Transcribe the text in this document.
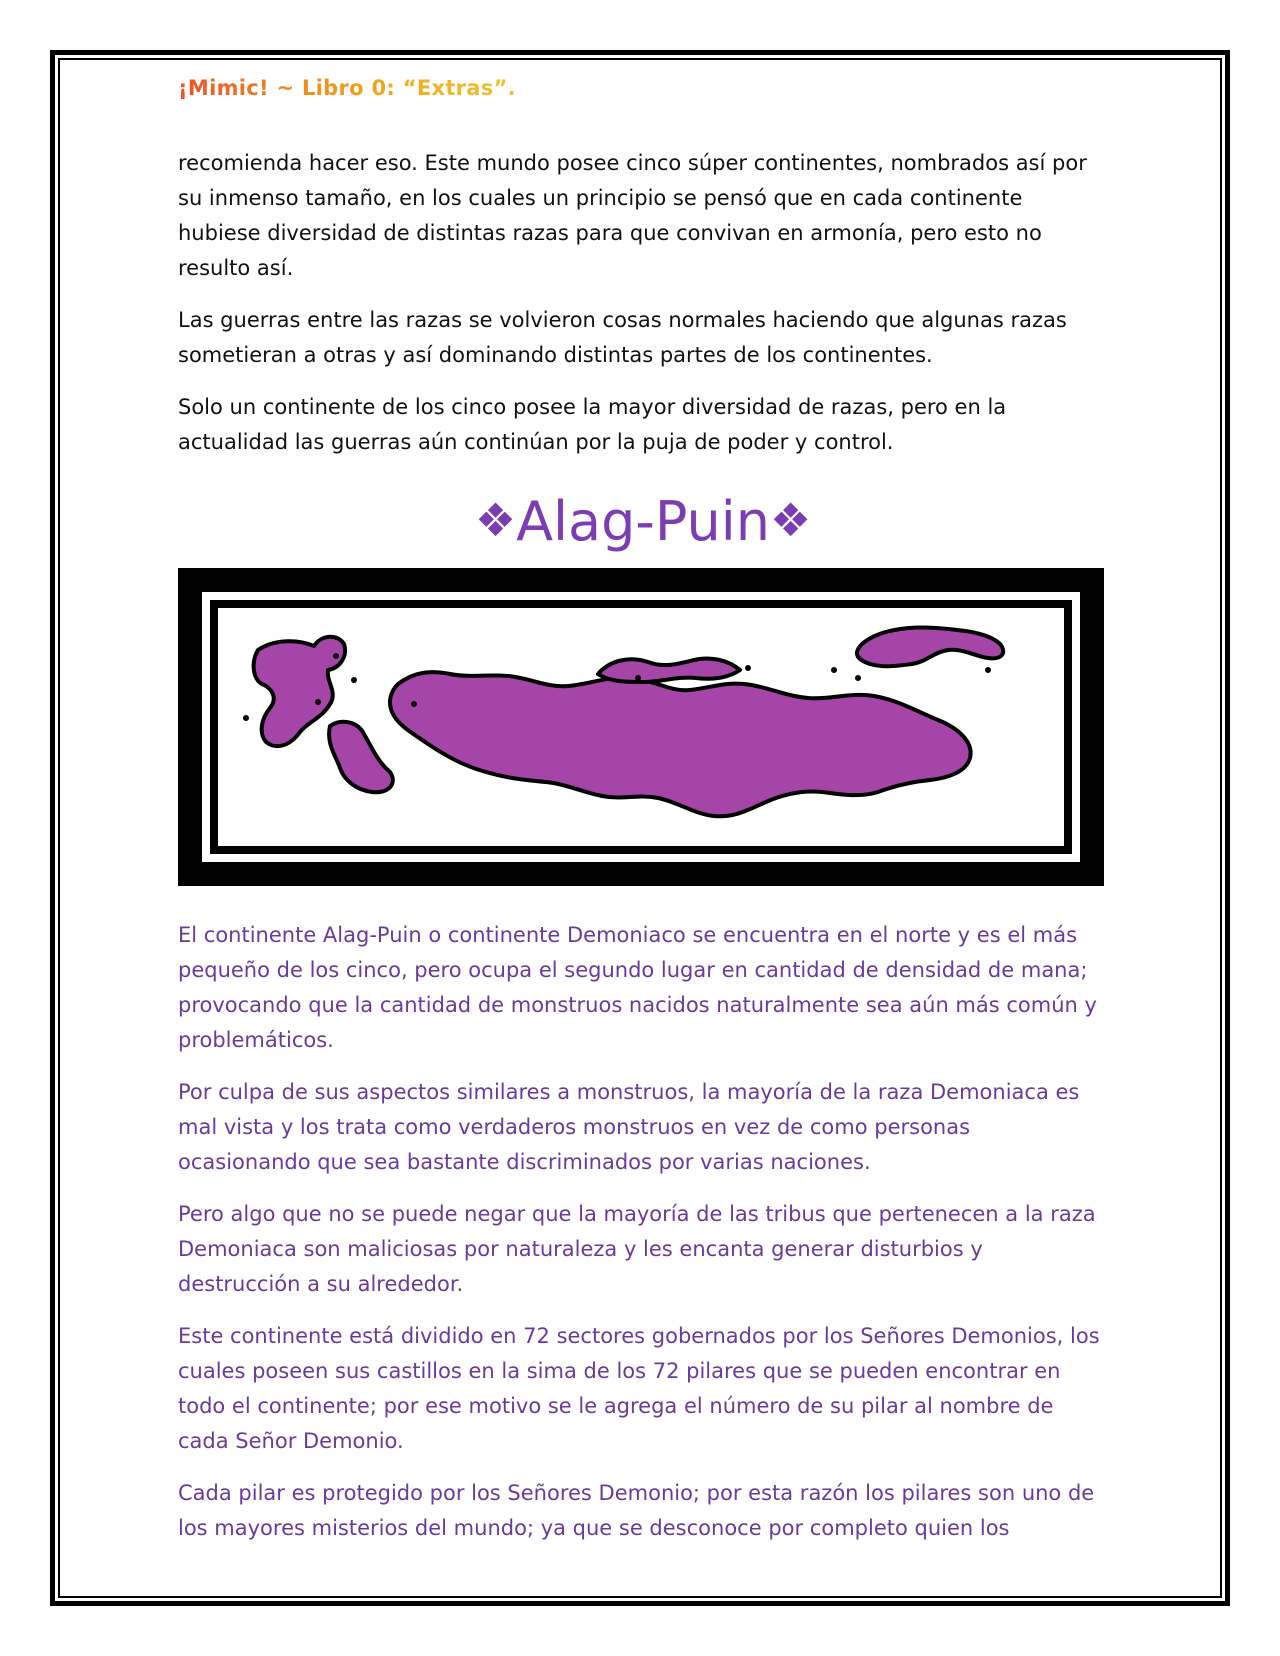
¡Mimic! ~ Libro 0: “Extras”.

recomienda hacer eso. Este mundo posee cinco súper continentes, nombrados así por su inmenso tamaño, en los cuales un principio se pensó que en cada continente hubiese diversidad de distintas razas para que convivan en armonía, pero esto no resulto así.

Las guerras entre las razas se volvieron cosas normales haciendo que algunas razas sometieran a otras y así dominando distintas partes de los continentes.

Solo un continente de los cinco posee la mayor diversidad de razas, pero en la actualidad las guerras aún continúan por la puja de poder y control.

❖Alag-Puin❖

El continente Alag-Puin o continente Demoniaco se encuentra en el norte y es el más pequeño de los cinco, pero ocupa el segundo lugar en cantidad de densidad de mana; provocando que la cantidad de monstruos nacidos naturalmente sea aún más común y problemáticos.

Por culpa de sus aspectos similares a monstruos, la mayoría de la raza Demoniaca es mal vista y los trata como verdaderos monstruos en vez de como personas ocasionando que sea bastante discriminados por varias naciones.

Pero algo que no se puede negar que la mayoría de las tribus que pertenecen a la raza Demoniaca son maliciosas por naturaleza y les encanta generar disturbios y destrucción a su alrededor.

Este continente está dividido en 72 sectores gobernados por los Señores Demonios, los cuales poseen sus castillos en la sima de los 72 pilares que se pueden encontrar en todo el continente; por ese motivo se le agrega el número de su pilar al nombre de cada Señor Demonio.

Cada pilar es protegido por los Señores Demonio; por esta razón los pilares son uno de los mayores misterios del mundo; ya que se desconoce por completo quien los
